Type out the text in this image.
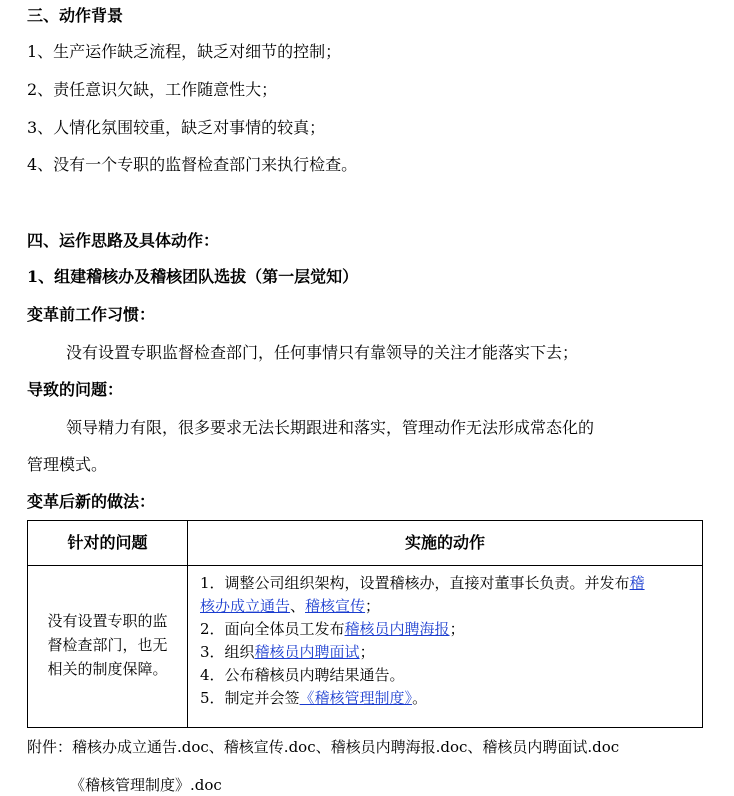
三、动作背景
1、生产运作缺乏流程，缺乏对细节的控制；
2、责任意识欠缺，工作随意性大；
3、人情化氛围较重，缺乏对事情的较真；
4、没有一个专职的监督检查部门来执行检查。
四、运作思路及具体动作：
1、组建稽核办及稽核团队选拔（第一层觉知）
变革前工作习惯：
没有设置专职监督检查部门，任何事情只有靠领导的关注才能落实下去；
导致的问题：
领导精力有限，很多要求无法长期跟进和落实，管理动作无法形成常态化的
管理模式。
变革后新的做法：
针对的问题	实施的动作
没有设置专职的监
督检查部门，也无
相关的制度保障。
1．调整公司组织架构，设置稽核办，直接对董事长负责。并发布稽
核办成立通告、稽核宣传；
2．面向全体员工发布稽核员内聘海报；
3．组织稽核员内聘面试；
4．公布稽核员内聘结果通告。
5．制定并会签《稽核管理制度》。
附件：稽核办成立通告.doc、稽核宣传.doc、稽核员内聘海报.doc、稽核员内聘面试.doc
《稽核管理制度》.doc
